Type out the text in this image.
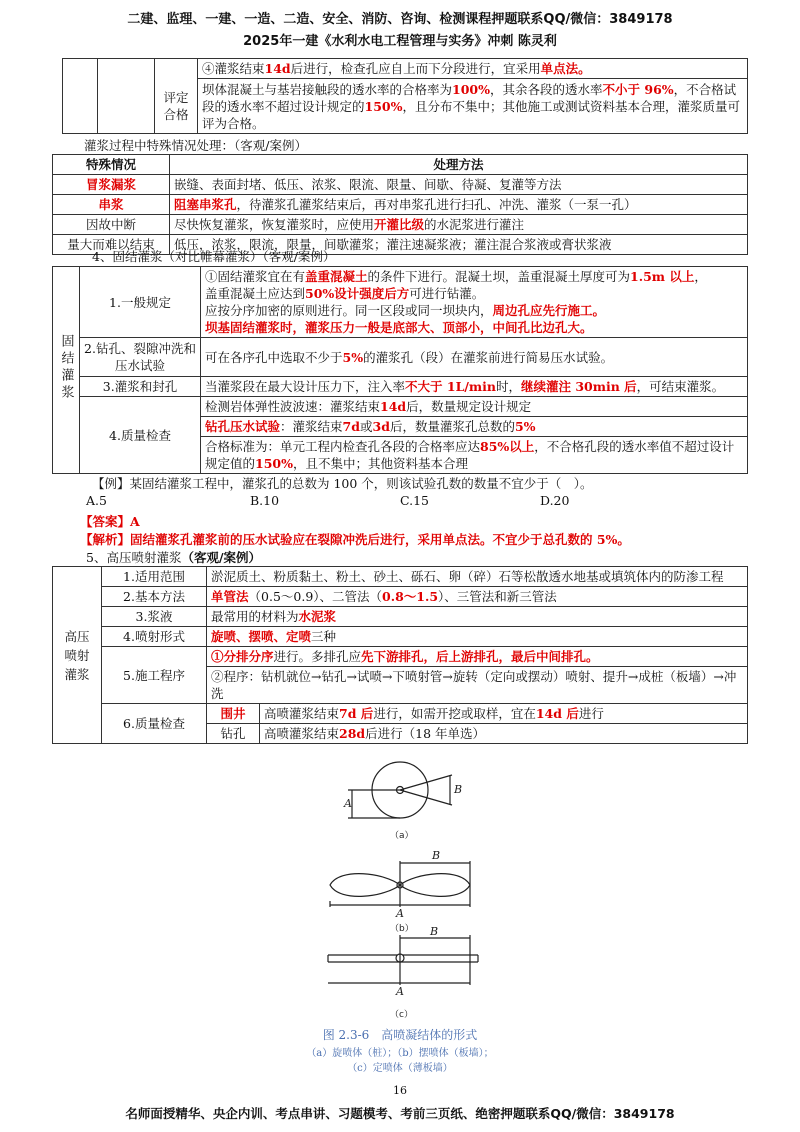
二建、监理、一建、一造、二造、安全、消防、咨询、检测课程押题联系QQ/微信：3849178
2025年一建《水利水电工程管理与实务》冲刺 陈灵利
			④灌浆结束14d后进行，检查孔应自上而下分段进行，宜采用单点法。
		评定合格	坝体混凝土与基岩接触段的透水率的合格率为100%，其余各段的透水率不小于 96%，不合格试段的透水率不超过设计规定的150%，且分布不集中；其他施工或测试资料基本合理，灌浆质量可评为合格。
灌浆过程中特殊情况处理：（客观/案例）
特殊情况	处理方法
冒浆漏浆	嵌缝、表面封堵、低压、浓浆、限流、限量、间歇、待凝、复灌等方法
串浆	阻塞串浆孔，待灌浆孔灌浆结束后，再对串浆孔进行扫孔、冲洗、灌浆（一泵一孔）
因故中断	尽快恢复灌浆，恢复灌浆时，应使用开灌比级的水泥浆进行灌注
量大而难以结束	低压，浓浆，限流，限量，间歇灌浆；灌注速凝浆液；灌注混合浆液或膏状浆液
4、固结灌浆（对比帷幕灌浆）（客观/案例）
固结灌浆	1.一般规定	①固结灌浆宜在有盖重混凝土的条件下进行。混凝土坝，盖重混凝土厚度可为1.5m 以上，
盖重混凝土应达到50%设计强度后方可进行钻灌。
应按分序加密的原则进行。同一区段或同一坝块内，周边孔应先行施工。
坝基固结灌浆时，灌浆压力一般是底部大、顶部小，中间孔比边孔大。

	2.钻孔、裂隙冲洗和压水试验	可在各序孔中选取不少于5%的灌浆孔（段）在灌浆前进行简易压水试验。
	3.灌浆和封孔	当灌浆段在最大设计压力下，注入率不大于 1L/min时，继续灌注 30min 后，可结束灌浆。
	4.质量检查	检测岩体弹性波波速：灌浆结束14d后，数量规定设计规定
		钻孔压水试验：灌浆结束7d或3d后，数量灌浆孔总数的5%
		合格标准为：单元工程内检查孔各段的合格率应达85%以上，不合格孔段的透水率值不超过设计规定值的150%，且不集中；其他资料基本合理
【例】某固结灌浆工程中，灌浆孔的总数为 100 个，则该试验孔数的数量不宜少于（　）。
A.5	B.10	C.15	D.20
【答案】A
【解析】固结灌浆孔灌浆前的压水试验应在裂隙冲洗后进行，采用单点法。不宜少于总孔数的 5%。
5、高压喷射灌浆（客观/案例）
高压喷射灌浆	1.适用范围	淤泥质土、粉质黏土、粉土、砂土、砾石、卵（碎）石等松散透水地基或填筑体内的防渗工程	
	2.基本方法	单管法（0.5～0.9）、二管法（0.8～1.5）、三管法和新三管法	
	3.浆液	最常用的材料为水泥浆	
	4.喷射形式	旋喷、摆喷、定喷三种	
	5.施工程序	①分排分序进行。多排孔应先下游排孔，后上游排孔，最后中间排孔。	
		②程序：钻机就位→钻孔→试喷→下喷射管→旋转（定向或摆动）喷射、提升→成桩（板墙）→冲洗	
	6.质量检查	围井	高喷灌浆结束7d 后进行，如需开挖或取样，宜在14d 后进行
		钻孔	高喷灌浆结束28d后进行（18 年单选）
A
B
B
A
B
A
（a）
（b）
（c）
图 2.3-6　高喷凝结体的形式
（a）旋喷体（桩）；（b）摆喷体（板墙）；
（c）定喷体（薄板墙）
16
名师面授精华、央企内训、考点串讲、习题模考、考前三页纸、绝密押题联系QQ/微信：3849178
